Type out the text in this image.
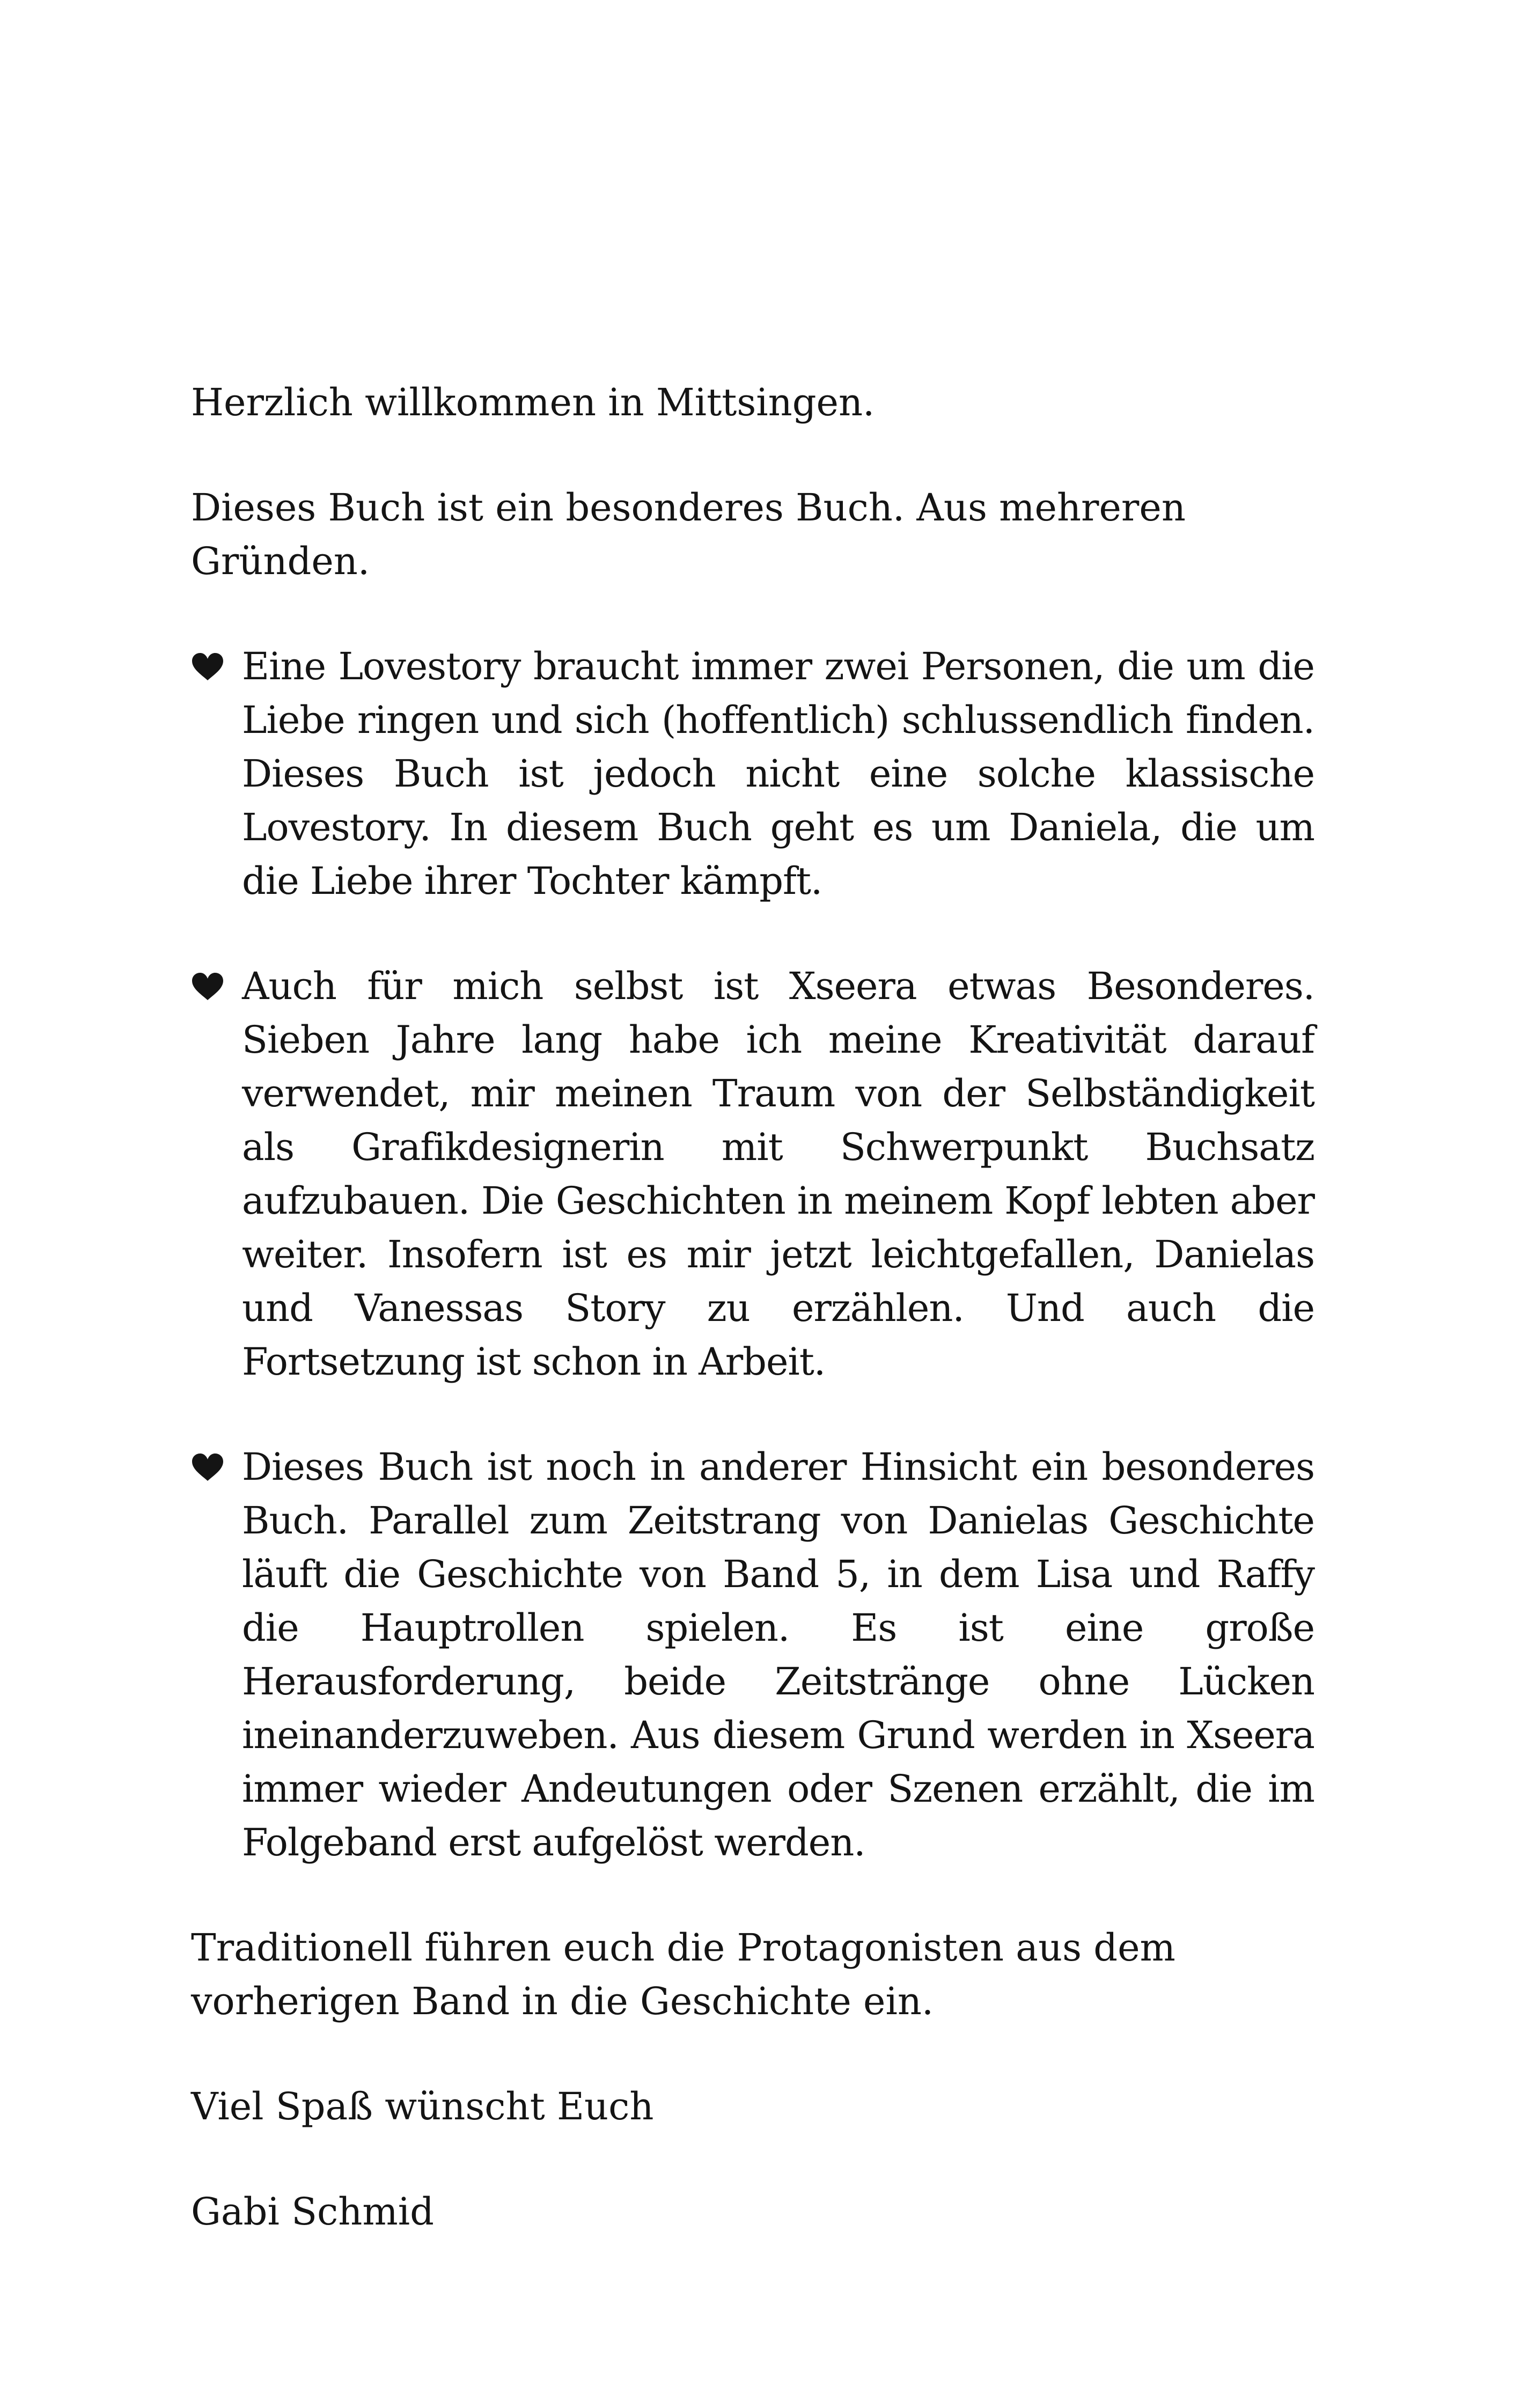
Herzlich willkommen in Mittsingen.

Dieses Buch ist ein besonderes Buch. Aus mehreren Gründen.

Eine Lovestory braucht immer zwei Personen, die um die Liebe ringen und sich (hoffentlich) schlussendlich finden. Dieses Buch ist jedoch nicht eine solche klassische Lovestory. In diesem Buch geht es um Daniela, die um die Liebe ihrer Tochter kämpft.

Auch für mich selbst ist Xseera etwas Besonderes. Sieben Jahre lang habe ich meine Kreativität darauf verwendet, mir meinen Traum von der Selbständigkeit als Grafikdesignerin mit Schwerpunkt Buchsatz aufzubauen. Die Geschichten in meinem Kopf lebten aber weiter. Insofern ist es mir jetzt leichtgefallen, Danielas und Vanessas Story zu erzählen. Und auch die Fortsetzung ist schon in Arbeit.

Dieses Buch ist noch in anderer Hinsicht ein besonderes Buch. Parallel zum Zeitstrang von Danielas Geschichte läuft die Geschichte von Band 5, in dem Lisa und Raffy die Hauptrollen spielen. Es ist eine große Herausforderung, beide Zeitstränge ohne Lücken ineinanderzuweben. Aus diesem Grund werden in Xseera immer wieder Andeutungen oder Szenen erzählt, die im Folgeband erst aufgelöst werden.

Traditionell führen euch die Protagonisten aus dem vorherigen Band in die Geschichte ein.

Viel Spaß wünscht Euch

Gabi Schmid
